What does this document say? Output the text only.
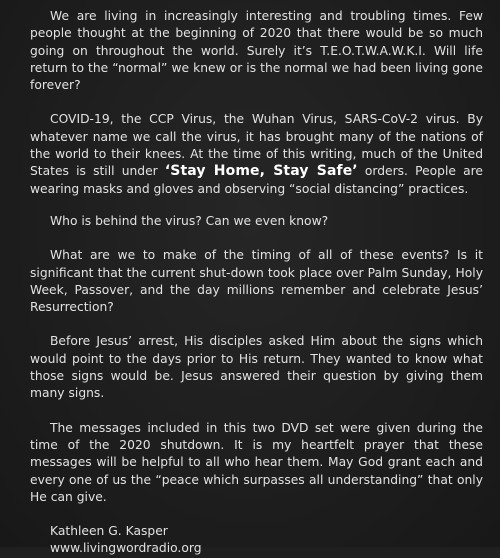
We are living in increasingly interesting and troubling times. Few people thought at the beginning of 2020 that there would be so much going on throughout the world. Surely it’s T.E.O.T.W.A.W.K.I. Will life return to the “normal” we knew or is the normal we had been living gone forever?

COVID-19, the CCP Virus, the Wuhan Virus, SARS-CoV-2 virus. By whatever name we call the virus, it has brought many of the nations of the world to their knees. At the time of this writing, much of the United States is still under ‘Stay Home, Stay Safe’ orders. People are wearing masks and gloves and observing “social distancing” practices.

Who is behind the virus? Can we even know?

What are we to make of the timing of all of these events? Is it significant that the current shut-down took place over Palm Sunday, Holy Week, Passover, and the day millions remember and celebrate Jesus’ Resurrection?

Before Jesus’ arrest, His disciples asked Him about the signs which would point to the days prior to His return. They wanted to know what those signs would be. Jesus answered their question by giving them many signs.

The messages included in this two DVD set were given during the time of the 2020 shutdown. It is my heartfelt prayer that these messages will be helpful to all who hear them. May God grant each and every one of us the “peace which surpasses all understanding” that only He can give.

Kathleen G. Kasper
www.livingwordradio.org
